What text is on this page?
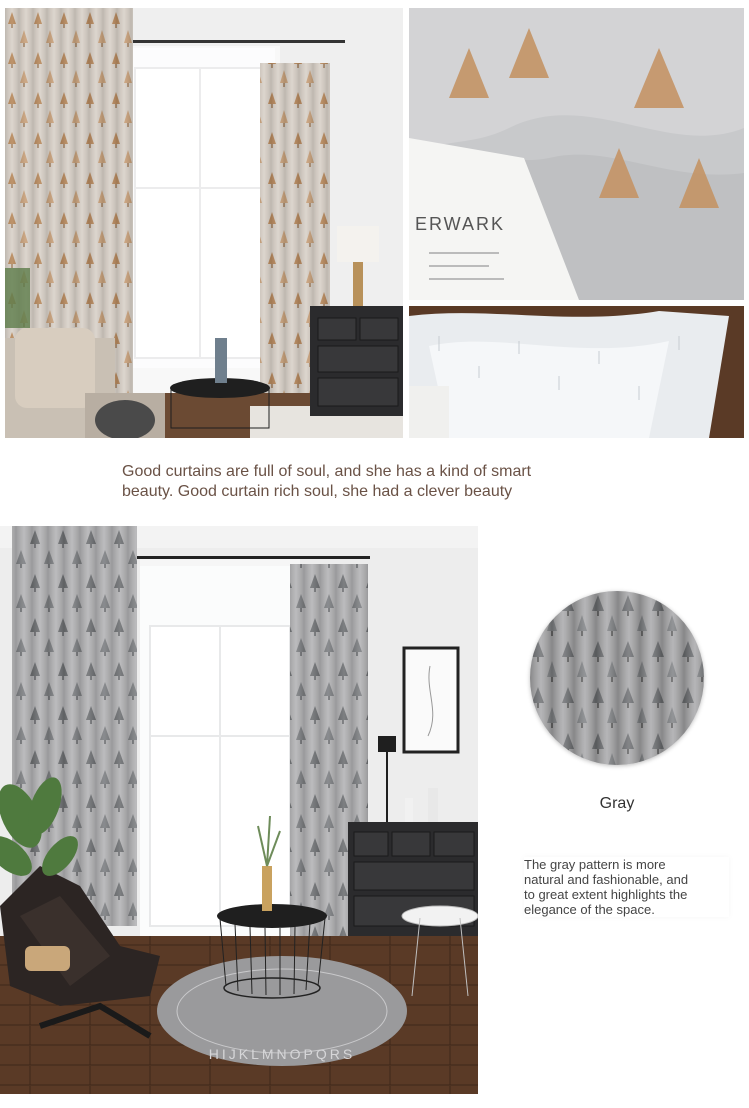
ERWARK
Good curtains are full of soul, and she has a kind of smart
beauty. Good curtain rich soul, she had a clever beauty
HIJKLMNOPQRS
Gray
The gray pattern is more
natural and fashionable, and
to great extent highlights the
elegance of the space.
